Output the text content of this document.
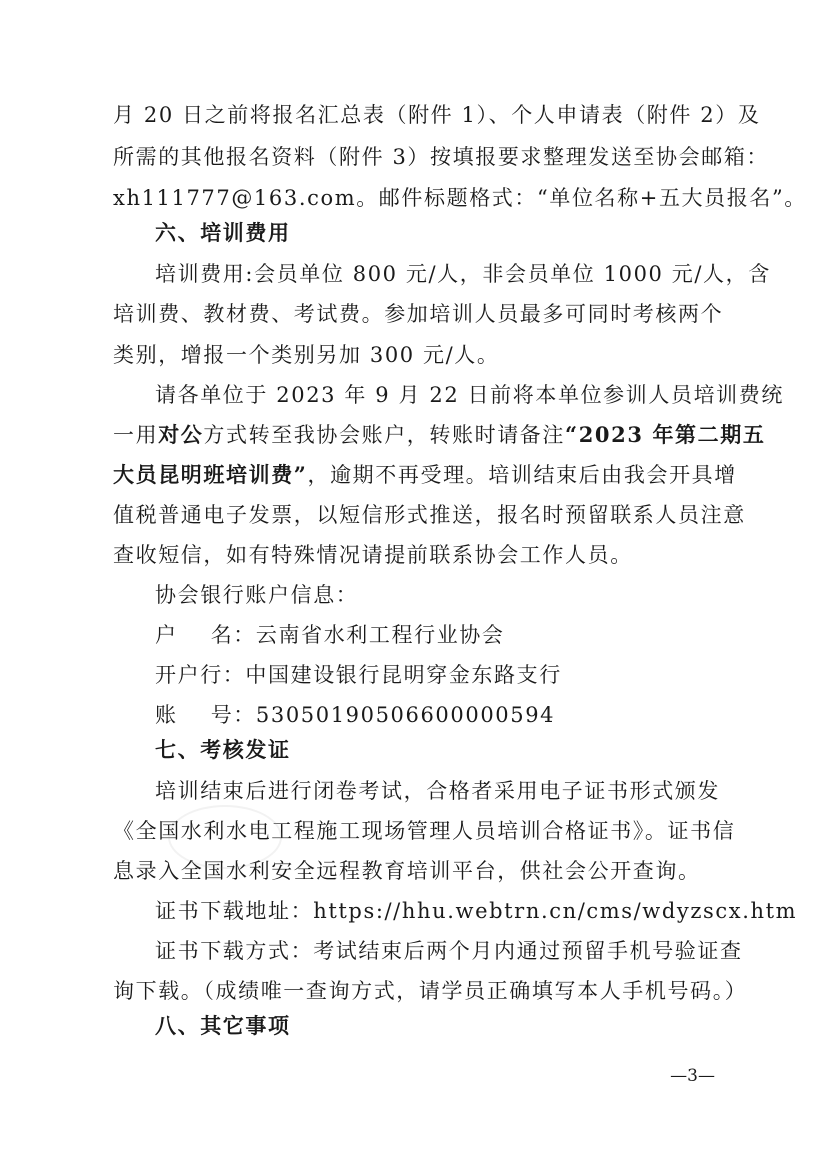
月 20 日之前将报名汇总表（附件 1）、个人申请表（附件 2）及
所需的其他报名资料（附件 3）按填报要求整理发送至协会邮箱：
xh111777@163.com。邮件标题格式：“单位名称+五大员报名”。
六、培训费用
培训费用:会员单位 800 元/人，非会员单位 1000 元/人，含
培训费、教材费、考试费。参加培训人员最多可同时考核两个
类别，增报一个类别另加 300 元/人。
请各单位于 2023 年 9 月 22 日前将本单位参训人员培训费统
一用对公方式转至我协会账户，转账时请备注“2023 年第二期五
大员昆明班培训费”，逾期不再受理。培训结束后由我会开具增
值税普通电子发票，以短信形式推送，报名时预留联系人员注意
查收短信，如有特殊情况请提前联系协会工作人员。
协会银行账户信息：
户    名：云南省水利工程行业协会
开户行：中国建设银行昆明穿金东路支行
账    号：53050190506600000594
七、考核发证
培训结束后进行闭卷考试，合格者采用电子证书形式颁发
《全国水利水电工程施工现场管理人员培训合格证书》。证书信
息录入全国水利安全远程教育培训平台，供社会公开查询。
证书下载地址：https://hhu.webtrn.cn/cms/wdyzscx.htm
证书下载方式：考试结束后两个月内通过预留手机号验证查
询下载。（成绩唯一查询方式，请学员正确填写本人手机号码。）
八、其它事项
—3—
